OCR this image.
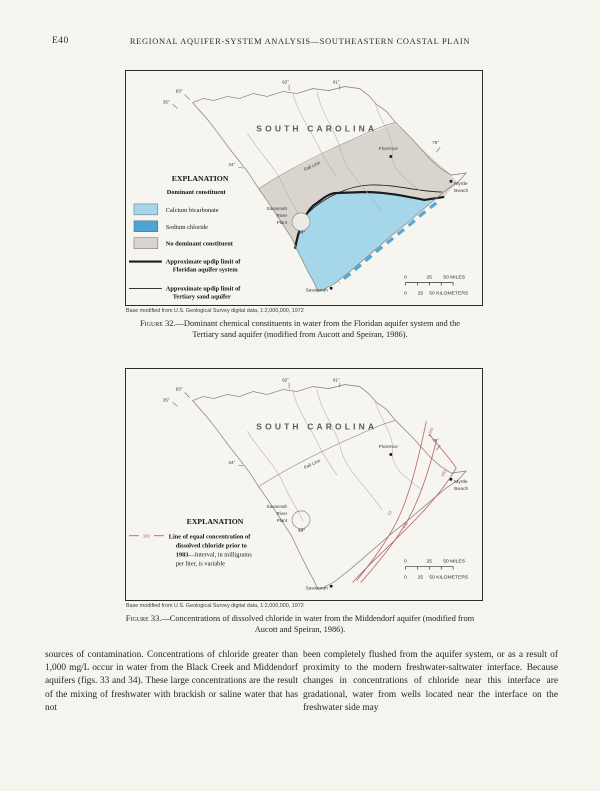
E40	REGIONAL AQUIFER-SYSTEM ANALYSIS—SOUTHEASTERN COASTAL PLAIN
Fall Line
83°
35°
82°	81°
79°
34°
33°
SOUTH CAROLINA
Florence
Myrtle
Beach
Savannah
River
Plant
Savannah
EXPLANATION
Dominant constituent
Calcium bicarbonate
Sodium chloride
No dominant constituent
Approximate updip limit of
Floridan aquifer system
Approximate updip limit of
Tertiary sand aquifer
0	25 50 MILES
0 25 50 KILOMETERS
Base modified from U.S. Geological Survey digital data, 1:2,000,000, 1972
Figure 32.—Dominant chemical constituents in water from the Floridan aquifer system and the
Tertiary sand aquifer (modified from Aucott and Speiran, 1986).
Fall Line
1000
250
10
100
83°
35°
82°	81°
79°
34°
33°
SOUTH CAROLINA
Florence
Myrtle
Beach
Savannah
River
Plant
Savannah
EXPLANATION
100	Line of equal concentration of
dissolved chloride prior to
1983—Interval, in milligrams
per liter, is variable	0	25 50 MILES
0 25 50 KILOMETERS
Base modified from U.S. Geological Survey digital data, 1:2,000,000, 1972
Figure 33.—Concentrations of dissolved chloride in water from the Middendorf aquifer (modified from
Aucott and Speiran, 1986).
sources of contamination. Concentrations of chloride greater than 1,000 mg/L occur in water from the Black Creek and Middendorf aquifers (figs. 33 and 34). These large concentrations are the result of the mixing of freshwater with brackish or saline water that has not
been completely flushed from the aquifer system, or as a result of proximity to the modern freshwater-saltwater interface. Because changes in concentrations of chloride near this interface are gradational, water from wells located near the interface on the freshwater side may
